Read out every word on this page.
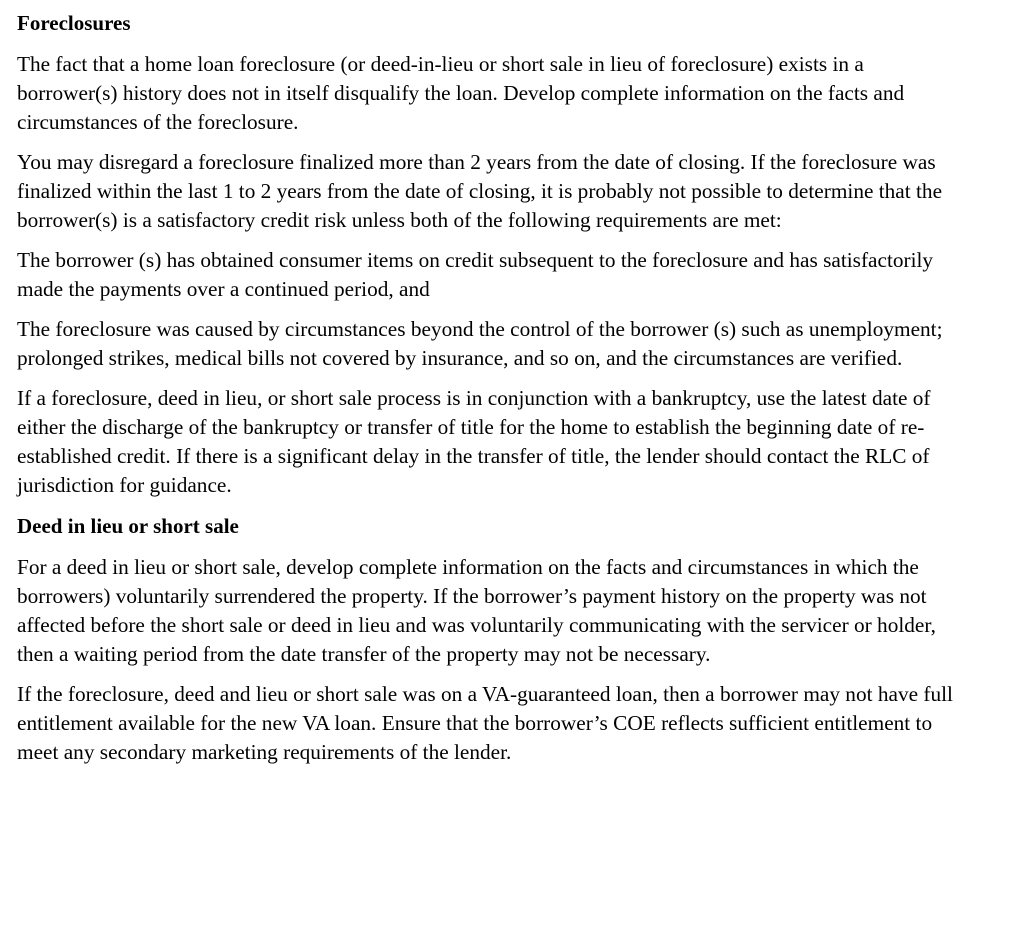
Foreclosures

The fact that a home loan foreclosure (or deed-in-lieu or short sale in lieu of foreclosure) exists in a borrower(s) history does not in itself disqualify the loan. Develop complete information on the facts and circumstances of the foreclosure.

You may disregard a foreclosure finalized more than 2 years from the date of closing. If the foreclosure was finalized within the last 1 to 2 years from the date of closing, it is probably not possible to determine that the borrower(s) is a satisfactory credit risk unless both of the following requirements are met:

The borrower (s) has obtained consumer items on credit subsequent to the foreclosure and has satisfactorily made the payments over a continued period, and

The foreclosure was caused by circumstances beyond the control of the borrower (s) such as unemployment; prolonged strikes, medical bills not covered by insurance, and so on, and the circumstances are verified.

If a foreclosure, deed in lieu, or short sale process is in conjunction with a bankruptcy, use the latest date of either the discharge of the bankruptcy or transfer of title for the home to establish the beginning date of re-established credit. If there is a significant delay in the transfer of title, the lender should contact the RLC of jurisdiction for guidance.

Deed in lieu or short sale

For a deed in lieu or short sale, develop complete information on the facts and circumstances in which the borrowers) voluntarily surrendered the property. If the borrower’s payment history on the property was not affected before the short sale or deed in lieu and was voluntarily communicating with the servicer or holder, then a waiting period from the date transfer of the property may not be necessary.

If the foreclosure, deed and lieu or short sale was on a VA-guaranteed loan, then a borrower may not have full entitlement available for the new VA loan. Ensure that the borrower’s COE reflects sufficient entitlement to meet any secondary marketing requirements of the lender.
